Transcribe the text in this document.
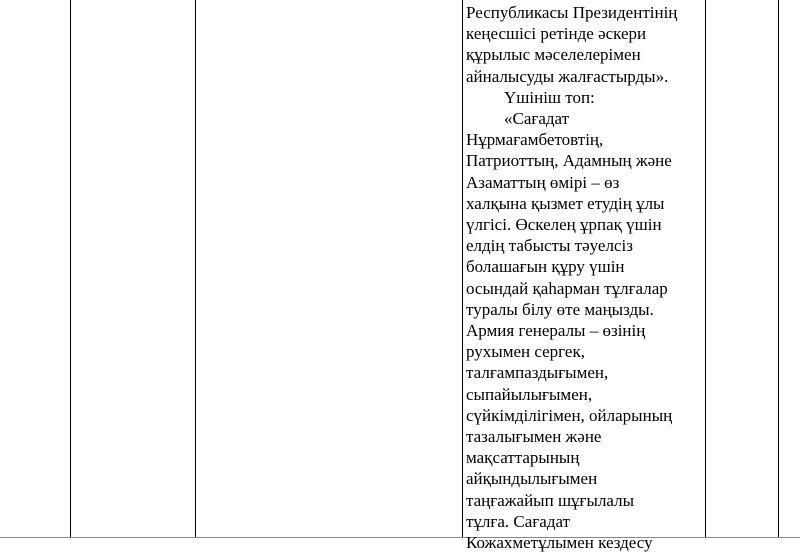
Республикасы Президентінің

кеңесшісі ретінде әскери

құрылыс мәселелерімен

айналысуды жалғастырды».

Үшініш топ:

«Сағадат

Нұрмағамбетовтің,

Патриоттың, Адамның және

Азаматтың өмірі – өз

халқына қызмет етудің ұлы

үлгісі. Өскелең ұрпақ үшін

елдің табысты тәуелсіз

болашағын құру үшін

осындай қаһарман тұлғалар

туралы білу өте маңызды.

Армия генералы – өзінің

рухымен сергек,

талғампаздығымен,

сыпайылығымен,

сүйкімділігімен, ойларының

тазалығымен және

мақсаттарының

айқындылығымен

таңғажайып шұғылалы

тұлға. Сағадат

Кожахметұлымен кездесу
